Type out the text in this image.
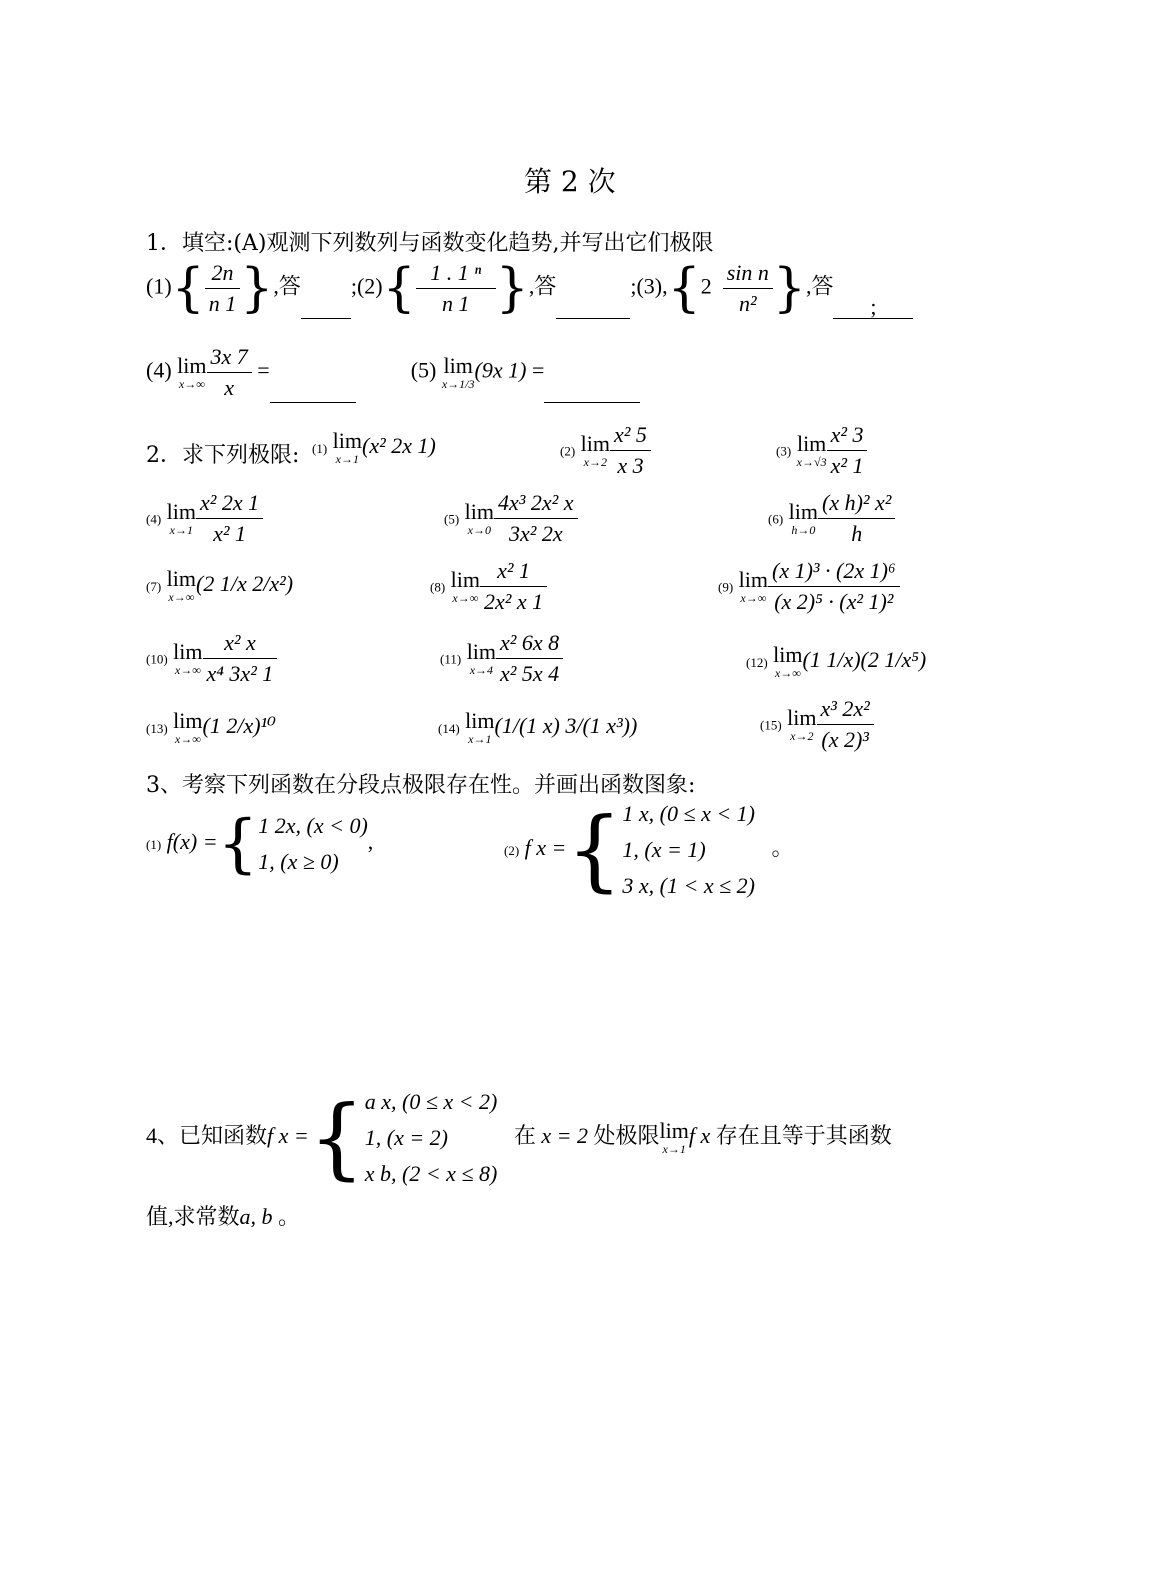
第 2 次
1．填空:(A)观测下列数列与函数变化趋势,并写出它们极限
$(1)\{ \frac{2n}{n 1}$ },答 ;(2){ $\frac{\text{1 . 1 ⁿ}}{n 1}$ },答	;(3),{2 $\frac{\text{sin n}}{\text{n²}}$ },答;
(4) lim
$x\to\infty \frac{3x 7}{x}$ =	(5) lim
x→1/3
(9x 1) =
2．求下列极限: (1) lim
x→1
(x² 2x 1)	(2) lim
$x\to 2 \frac{\text{x² 5}}{x 3}$	(3) lim
$x\to√3 \frac{\text{x² 3}}{\text{x² 1}}$
(4) lim
$x\to 1 \frac{\text{x² 2x 1}}{\text{x² 1}}$	(5) lim
$x\to 0 \frac{\text{4x³ 2x² x}}{\text{3x² 2x}}$	(6) lim
$h\to 0 \frac{\text{(x h)² x²}}{h}$
(7) lim
x→∞
(2 1/x 2/x²)	(8) lim
$x\to\infty \frac{\text{x² 1}}{\text{2x² x 1}}$	(9) lim
$x\to\infty \frac{\text{(x 1)³ · (2x 1)⁶}}{\text{(x 2)⁵ · (x² 1)²}}$
(10) lim
$x\to\infty \frac{\text{x² x}}{\text{x⁴ 3x² 1}}$	(11) lim
$x\to 4 \frac{\text{x² 6x 8}}{\text{x² 5x 4}}$	(12) lim
x→∞
(1 1/x)(2 1/x⁵)
(13) lim
x→∞
(1 2/x)¹⁰	(14) lim
x→1
(1/(1 x) 3/(1 x³))	(15) lim
$x\to 2 \frac{\text{x³ 2x²}}{\text{(x 2)³}}$
3、考察下列函数在分段点极限存在性。并画出函数图象:
(1) f(x) ={ 1 2x, (x < 0)
1, (x ≥ 0)
,	(2) f x ={ 1 x, (0 ≤ x < 1)
1, (x = 1)
3 x, (1 < x ≤ 2)
。
4、已知函数f x ={ a x, (0 ≤ x < 2)
1, (x = 2)
x b, (2 < x ≤ 8)
在 x = 2 处极限 lim
x→1
f x 存在且等于其函数
值,求常数a, b 。
